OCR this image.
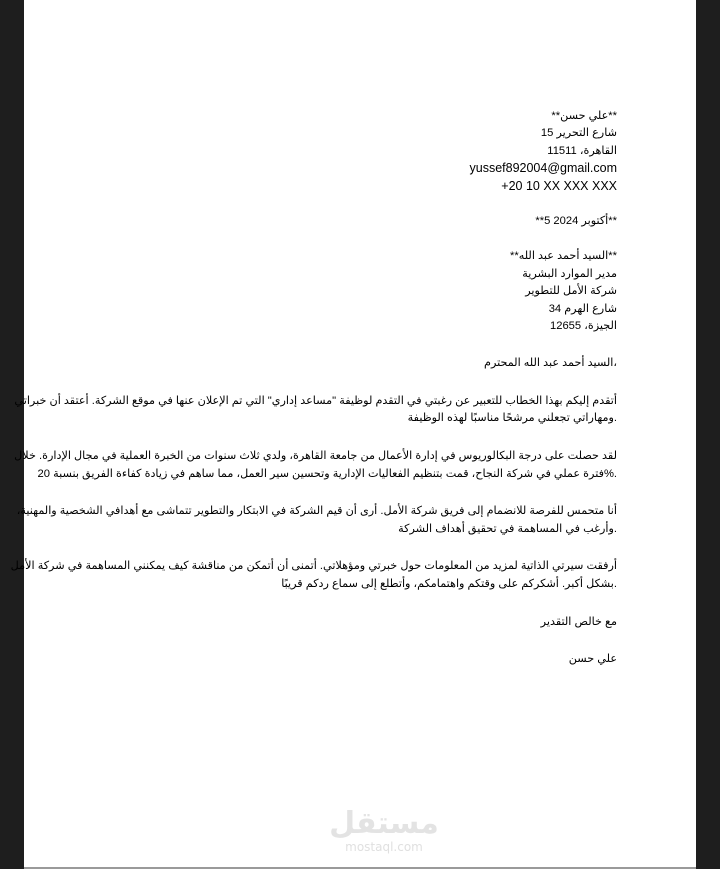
**علي حسن**
شارع التحرير 15
القاهرة، 11511
yussef892004@gmail.com
+20 10 XX XXX XXX
**أكتوبر 2024 5**
**السيد أحمد عبد الله**
مدير الموارد البشرية
شركة الأمل للتطوير
شارع الهرم 34
الجيزة، 12655
،السيد أحمد عبد الله المحترم
أتقدم إليكم بهذا الخطاب للتعبير عن رغبتي في التقدم لوظيفة "مساعد إداري" التي تم الإعلان عنها في موقع الشركة. أعتقد أن خبراتي
.ومهاراتي تجعلني مرشحًا مناسبًا لهذه الوظيفة
لقد حصلت على درجة البكالوريوس في إدارة الأعمال من جامعة القاهرة، ولدي ثلاث سنوات من الخبرة العملية في مجال الإدارة. خلال
.%فترة عملي في شركة النجاح، قمت بتنظيم الفعاليات الإدارية وتحسين سير العمل، مما ساهم في زيادة كفاءة الفريق بنسبة 20
أنا متحمس للفرصة للانضمام إلى فريق شركة الأمل. أرى أن قيم الشركة في الابتكار والتطوير تتماشى مع أهدافي الشخصية والمهنية،
.وأرغب في المساهمة في تحقيق أهداف الشركة
أرفقت سيرتي الذاتية لمزيد من المعلومات حول خبرتي ومؤهلاتي. أتمنى أن أتمكن من مناقشة كيف يمكنني المساهمة في شركة الأمل
.بشكل أكبر. أشكركم على وقتكم واهتمامكم، وأتطلع إلى سماع ردكم قريبًا
مع خالص التقدير
علي حسن
مستقل
mostaql.com
